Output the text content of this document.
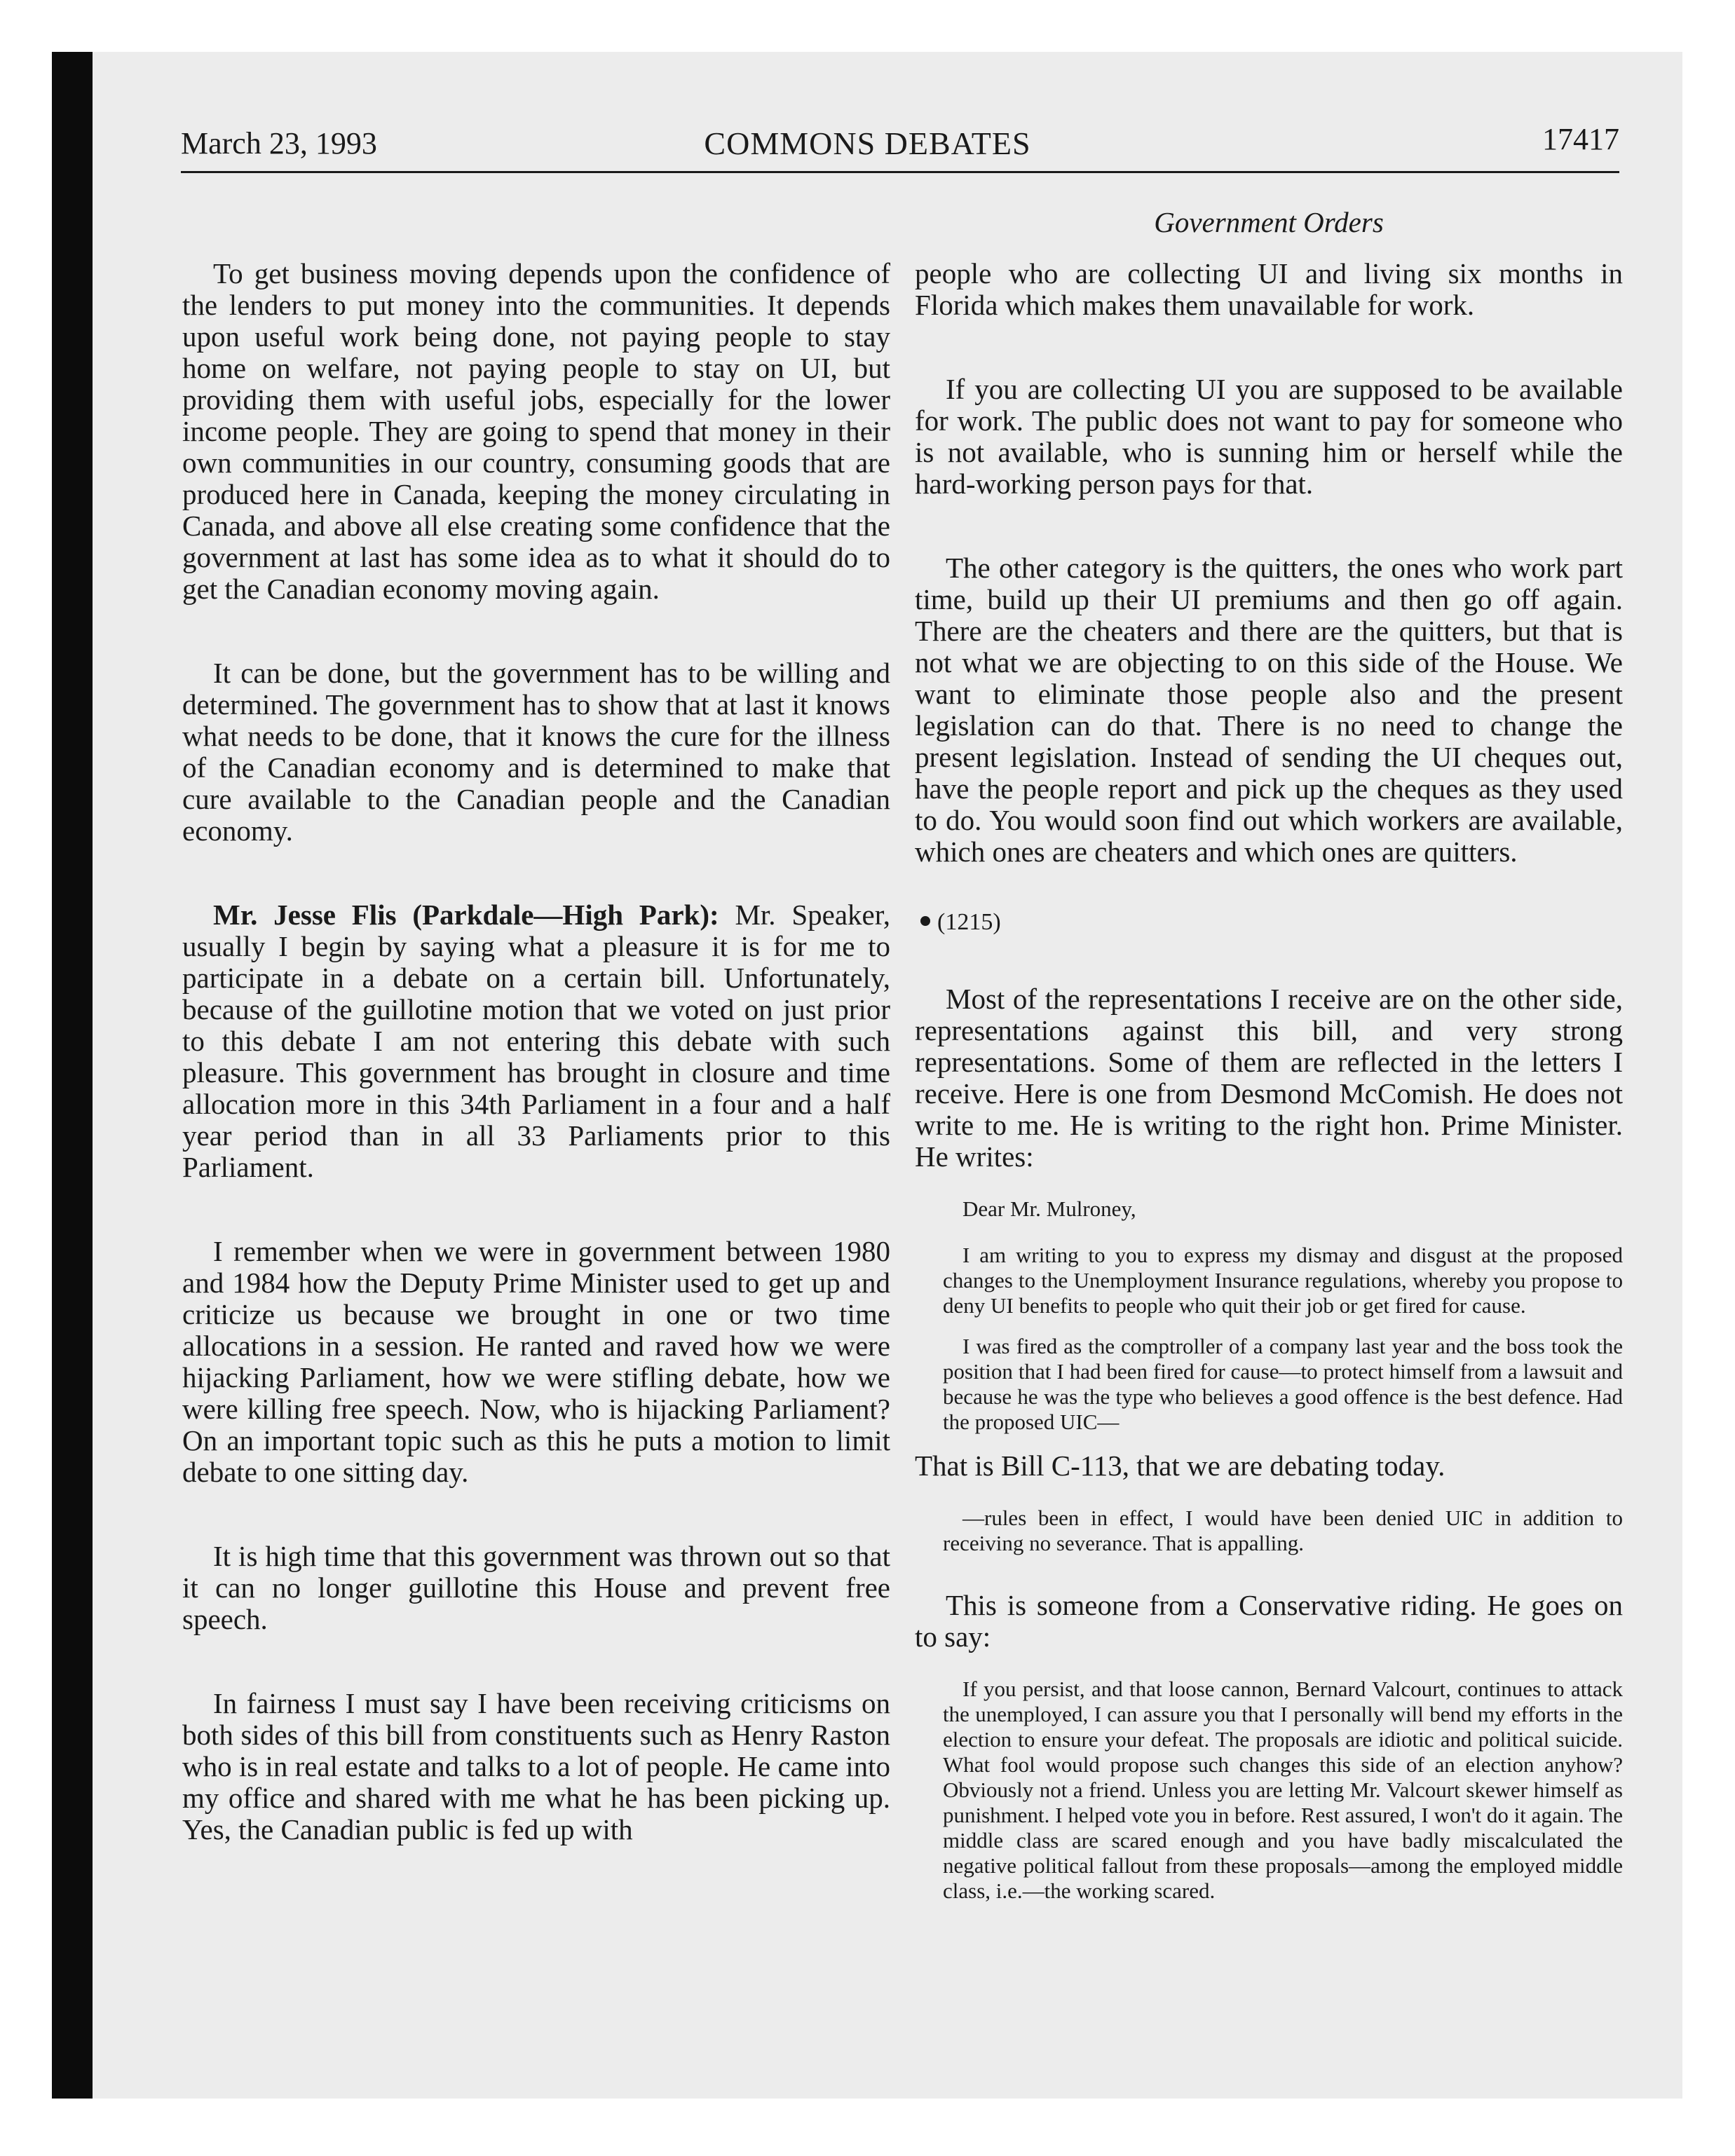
March 23, 1993	COMMONS DEBATES	17417
Government Orders

To get business moving depends upon the confidence of the lenders to put money into the communities. It depends upon useful work being done, not paying people to stay home on welfare, not paying people to stay on UI, but providing them with useful jobs, especially for the lower income people. They are going to spend that money in their own communities in our country, consuming goods that are produced here in Canada, keeping the money circulating in Canada, and above all else creating some confidence that the government at last has some idea as to what it should do to get the Canadian economy moving again.

It can be done, but the government has to be willing and determined. The government has to show that at last it knows what needs to be done, that it knows the cure for the illness of the Canadian economy and is determined to make that cure available to the Canadian people and the Canadian economy.

Mr. Jesse Flis (Parkdale—High Park): Mr. Speaker, usually I begin by saying what a pleasure it is for me to participate in a debate on a certain bill. Unfortunately, because of the guillotine motion that we voted on just prior to this debate I am not entering this debate with such pleasure. This government has brought in closure and time allocation more in this 34th Parliament in a four and a half year period than in all 33 Parliaments prior to this Parliament.

I remember when we were in government between 1980 and 1984 how the Deputy Prime Minister used to get up and criticize us because we brought in one or two time allocations in a session. He ranted and raved how we were hijacking Parliament, how we were stifling debate, how we were killing free speech. Now, who is hijacking Parliament? On an important topic such as this he puts a motion to limit debate to one sitting day.

It is high time that this government was thrown out so that it can no longer guillotine this House and prevent free speech.

In fairness I must say I have been receiving criticisms on both sides of this bill from constituents such as Henry Raston who is in real estate and talks to a lot of people. He came into my office and shared with me what he has been picking up. Yes, the Canadian public is fed up with

people who are collecting UI and living six months in Florida which makes them unavailable for work.

If you are collecting UI you are supposed to be available for work. The public does not want to pay for someone who is not available, who is sunning him or herself while the hard-working person pays for that.

The other category is the quitters, the ones who work part time, build up their UI premiums and then go off again. There are the cheaters and there are the quitters, but that is not what we are objecting to on this side of the House. We want to eliminate those people also and the present legislation can do that. There is no need to change the present legislation. Instead of sending the UI cheques out, have the people report and pick up the cheques as they used to do. You would soon find out which workers are available, which ones are cheaters and which ones are quitters.

(1215)

Most of the representations I receive are on the other side, representations against this bill, and very strong representations. Some of them are reflected in the letters I receive. Here is one from Desmond McComish. He does not write to me. He is writing to the right hon. Prime Minister. He writes:

Dear Mr. Mulroney,

I am writing to you to express my dismay and disgust at the proposed changes to the Unemployment Insurance regulations, whereby you propose to deny UI benefits to people who quit their job or get fired for cause.

I was fired as the comptroller of a company last year and the boss took the position that I had been fired for cause—to protect himself from a lawsuit and because he was the type who believes a good offence is the best defence. Had the proposed UIC—

That is Bill C-113, that we are debating today.

—rules been in effect, I would have been denied UIC in addition to receiving no severance. That is appalling.

This is someone from a Conservative riding. He goes on to say:

If you persist, and that loose cannon, Bernard Valcourt, continues to attack the unemployed, I can assure you that I personally will bend my efforts in the election to ensure your defeat. The proposals are idiotic and political suicide. What fool would propose such changes this side of an election anyhow? Obviously not a friend. Unless you are letting Mr. Valcourt skewer himself as punishment. I helped vote you in before. Rest assured, I won't do it again. The middle class are scared enough and you have badly miscalculated the negative political fallout from these proposals—among the employed middle class, i.e.—the working scared.
